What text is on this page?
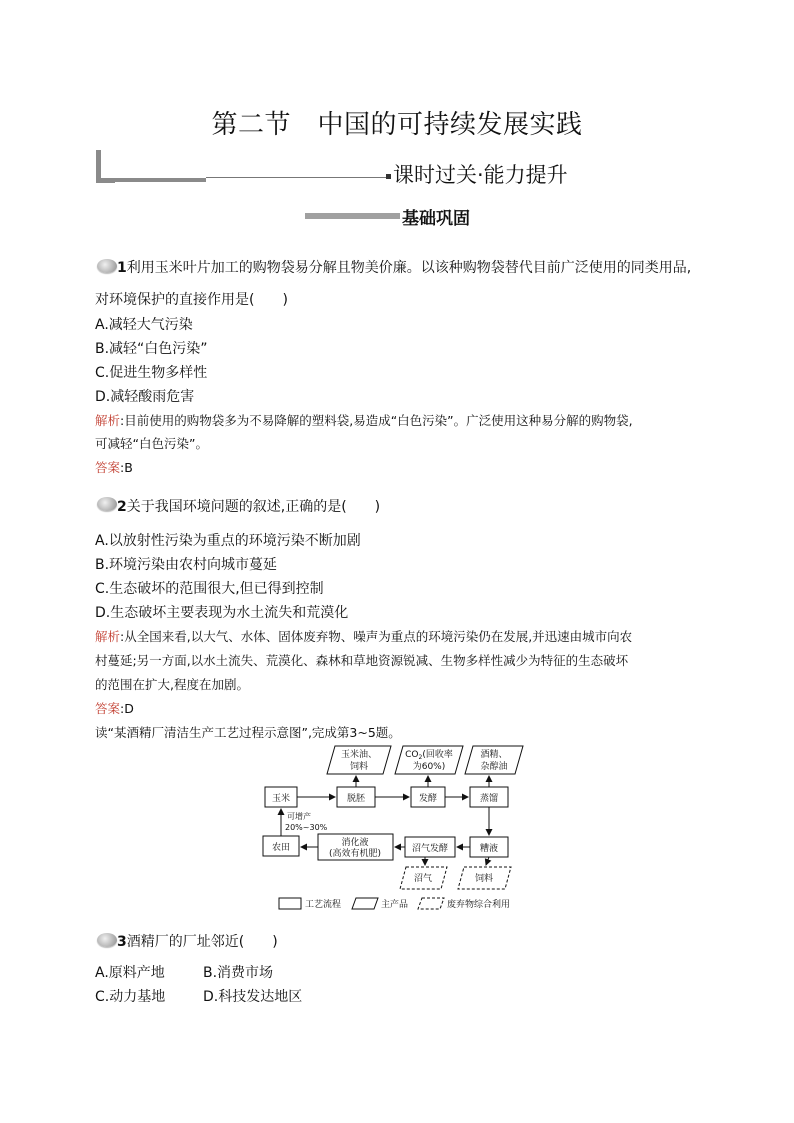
第二节　中国的可持续发展实践
课时过关·能力提升
基础巩固
1利用玉米叶片加工的购物袋易分解且物美价廉。以该种购物袋替代目前广泛使用的同类用品,
对环境保护的直接作用是(　　)
A.减轻大气污染
B.减轻“白色污染”
C.促进生物多样性
D.减轻酸雨危害
解析:目前使用的购物袋多为不易降解的塑料袋,易造成“白色污染”。广泛使用这种易分解的购物袋,
可减轻“白色污染”。
答案:B
2关于我国环境问题的叙述,正确的是(　　)
A.以放射性污染为重点的环境污染不断加剧
B.环境污染由农村向城市蔓延
C.生态破坏的范围很大,但已得到控制
D.生态破坏主要表现为水土流失和荒漠化
解析:从全国来看,以大气、水体、固体废弃物、噪声为重点的环境污染仍在发展,并迅速由城市向农
村蔓延;另一方面,以水土流失、荒漠化、森林和草地资源锐减、生物多样性减少为特征的生态破坏
的范围在扩大,程度在加剧。
答案:D
读“某酒精厂清洁生产工艺过程示意图”,完成第3~5题。
玉米油、
饲料
$CO_2$(回收率
为60%)
酒精、
杂醇油
玉米	脱胚	发酵	蒸馏
农田	消化液
(高效有机肥)	沼气发酵	糟液
沼气	饲料
可增产
20%~30%
工艺流程	主产品	废弃物综合利用
3酒精厂的厂址邻近(　　)
A.原料产地	B.消费市场
C.动力基地	D.科技发达地区
